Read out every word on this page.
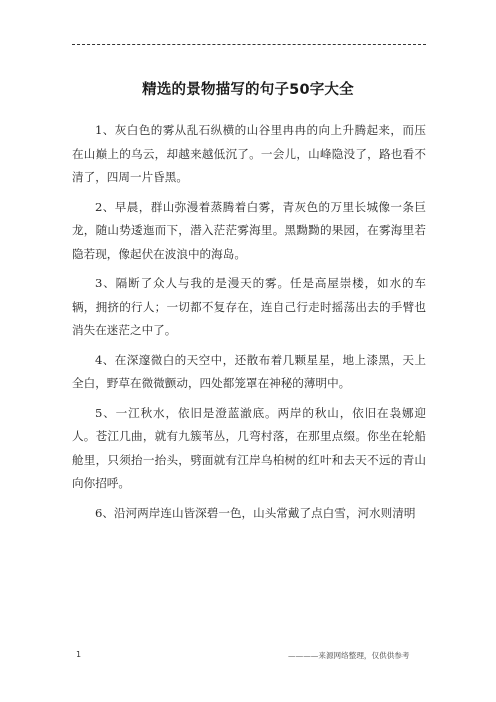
精选的景物描写的句子50字大全

1、灰白色的雾从乱石纵横的山谷里冉冉的向上升腾起来，而压在山巅上的乌云，却越来越低沉了。一会儿，山峰隐没了，路也看不清了，四周一片昏黑。

2、早晨，群山弥漫着蒸腾着白雾，青灰色的万里长城像一条巨龙，随山势逶迤而下，潜入茫茫雾海里。黑黝黝的果园，在雾海里若隐若现，像起伏在波浪中的海岛。

3、隔断了众人与我的是漫天的雾。任是高屋崇楼，如水的车辆，拥挤的行人；一切都不复存在，连自己行走时摇荡出去的手臂也消失在迷茫之中了。

4、在深邃微白的天空中，还散布着几颗星星，地上漆黑，天上全白，野草在微微颤动，四处都笼罩在神秘的薄明中。

5、一江秋水，依旧是澄蓝澈底。两岸的秋山，依旧在袅娜迎人。苍江几曲，就有九簇苇丛，几弯村落，在那里点缀。你坐在轮船舱里，只须抬一抬头，劈面就有江岸乌桕树的红叶和去天不远的青山向你招呼。

6、沿河两岸连山皆深碧一色，山头常戴了点白雪，河水则清明

1	————来源网络整理，仅供供参考
